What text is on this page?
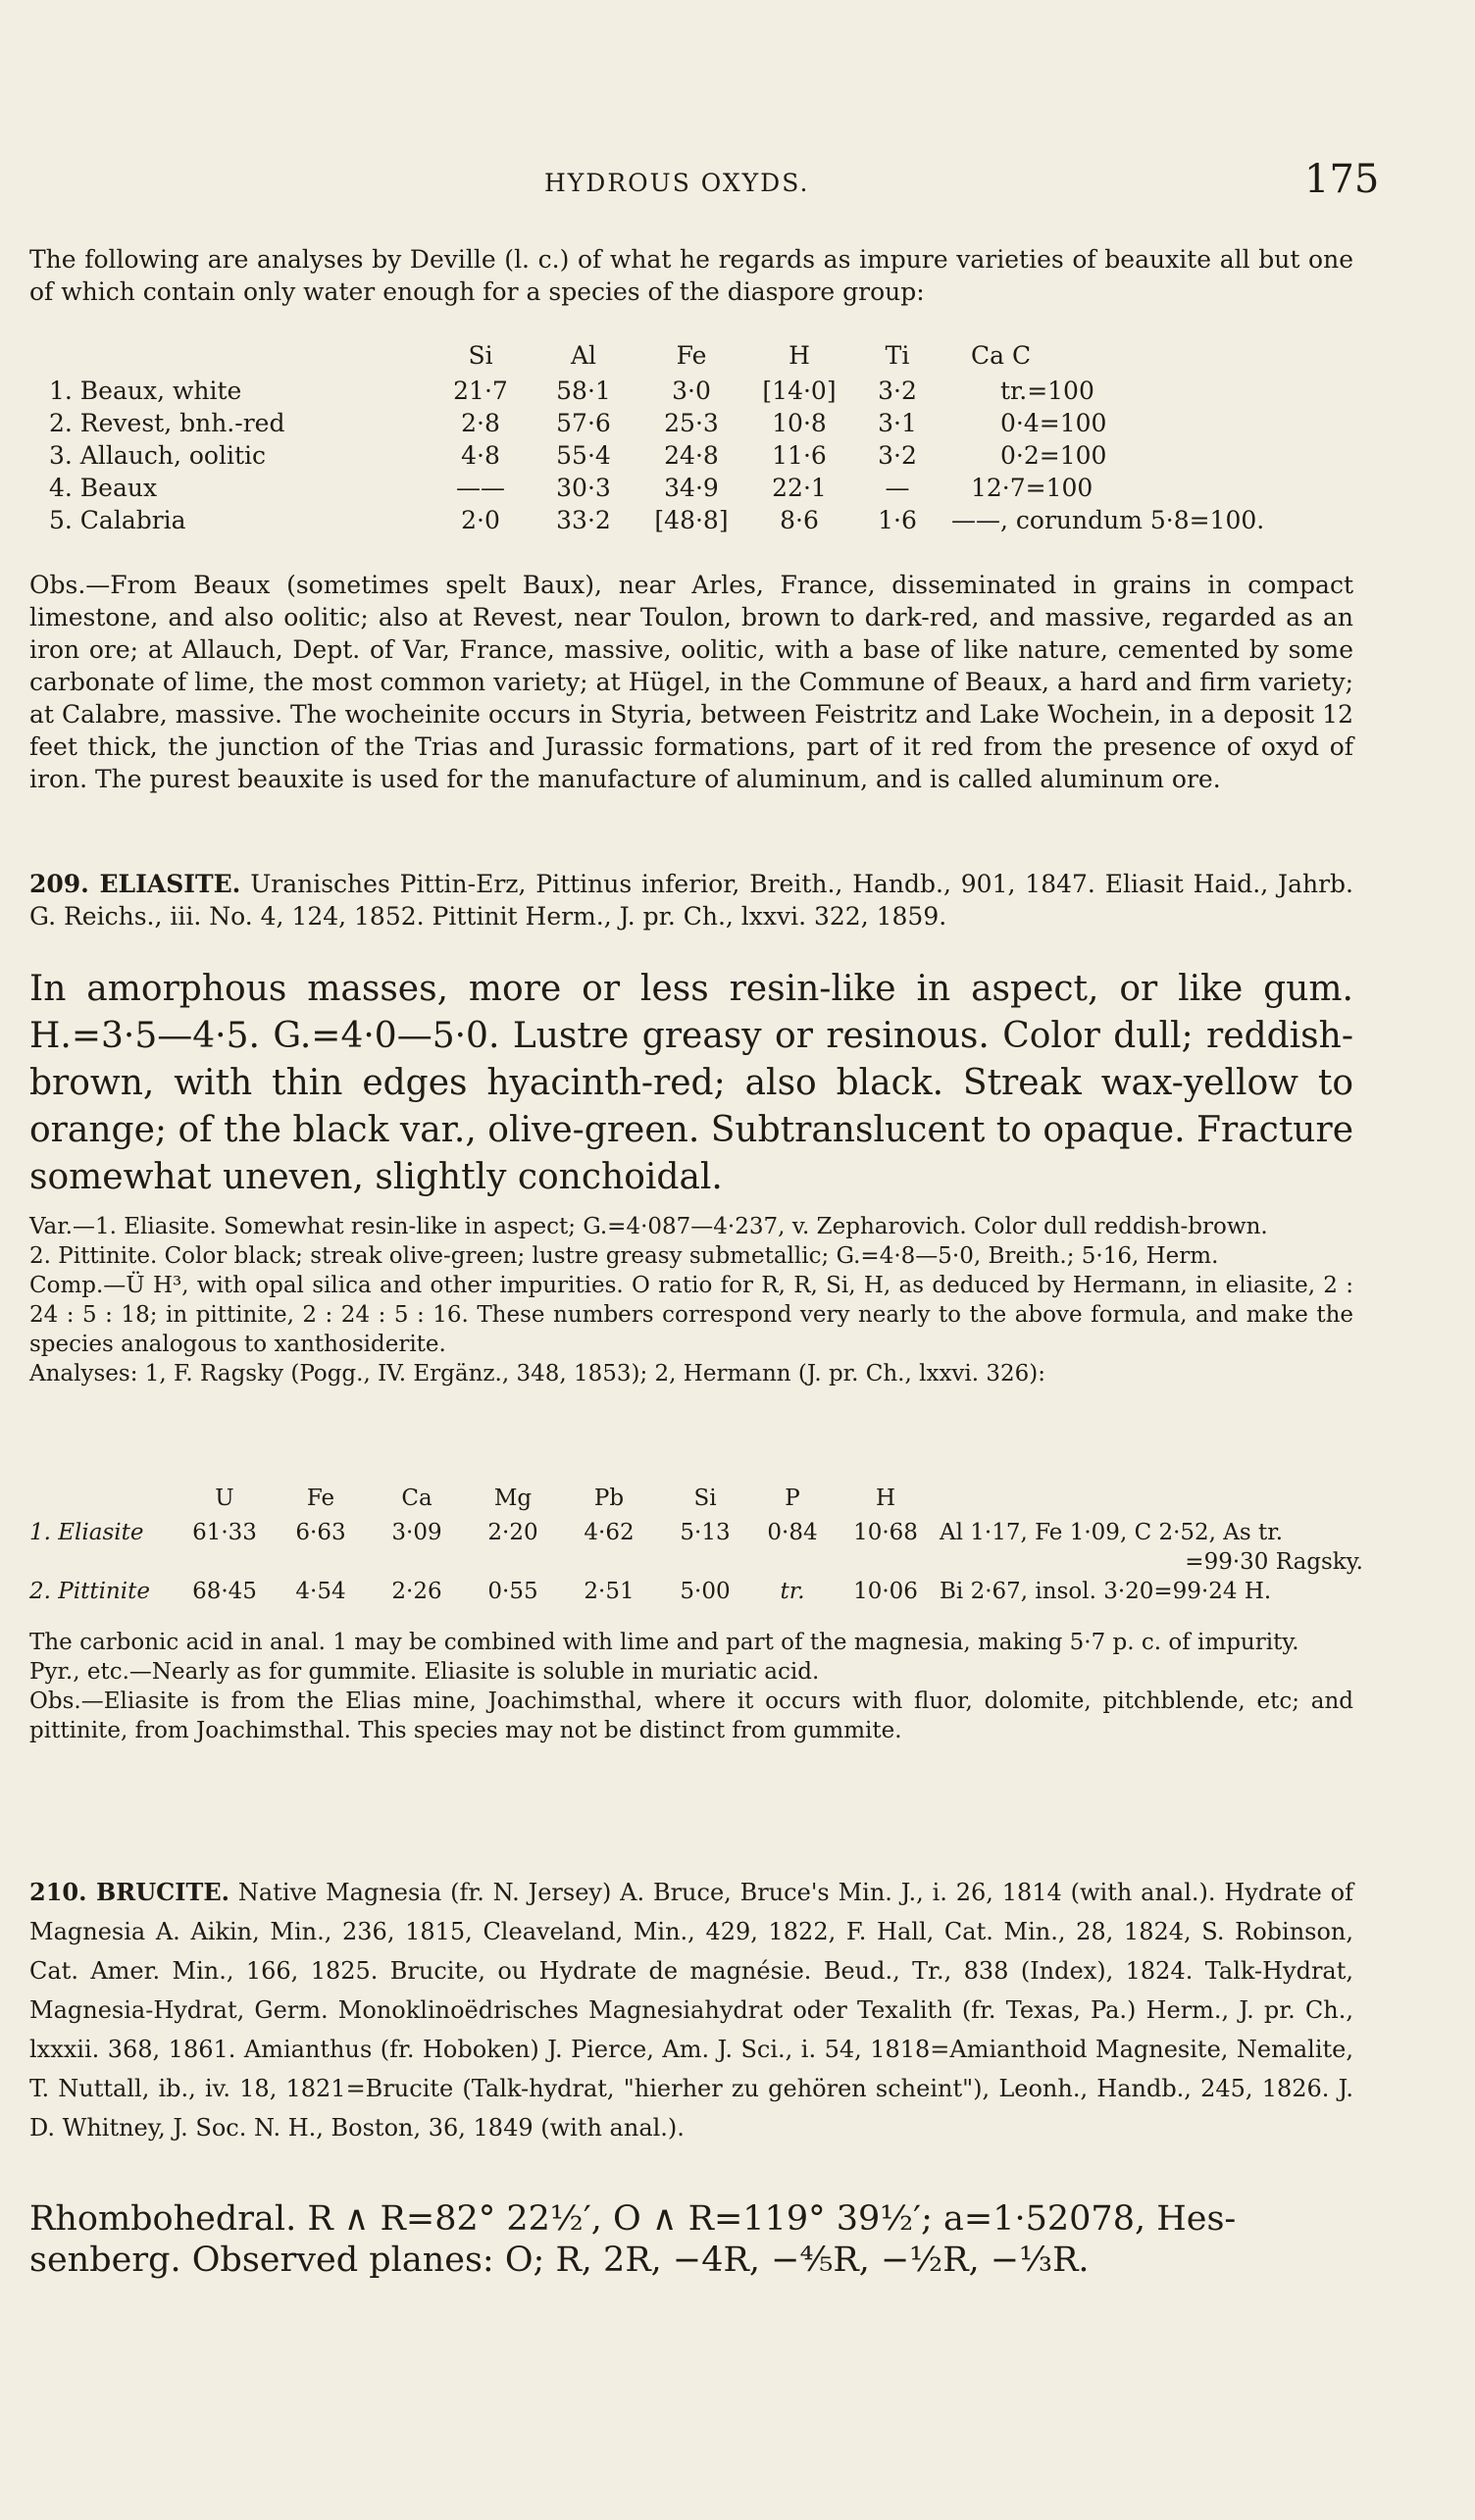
HYDROUS OXYDS.	175

The following are analyses by Deville (l. c.) of what he regards as impure varieties of beauxite all but one of which contain only water enough for a species of the diaspore group:

	Si	Al	Fe	H	Ti	Ca C
1. Beaux, white	21·7	58·1	3·0	[14·0]	3·2	tr.=100
2. Revest, bnh.-red	2·8	57·6	25·3	10·8	3·1	0·4=100
3. Allauch, oolitic	4·8	55·4	24·8	11·6	3·2	0·2=100
4. Beaux	——	30·3	34·9	22·1	—	12·7=100
5. Calabria	2·0	33·2	[48·8]	8·6	1·6	——, corundum 5·8=100.

Obs.—From Beaux (sometimes spelt Baux), near Arles, France, disseminated in grains in compact limestone, and also oolitic; also at Revest, near Toulon, brown to dark-red, and massive, regarded as an iron ore; at Allauch, Dept. of Var, France, massive, oolitic, with a base of like nature, cemented by some carbonate of lime, the most common variety; at Hügel, in the Commune of Beaux, a hard and firm variety; at Calabre, massive. The wocheinite occurs in Styria, between Feistritz and Lake Wochein, in a deposit 12 feet thick, the junction of the Trias and Jurassic formations, part of it red from the presence of oxyd of iron. The purest beauxite is used for the manufacture of aluminum, and is called aluminum ore.

209. ELIASITE. Uranisches Pittin-Erz, Pittinus inferior, Breith., Handb., 901, 1847. Eliasit Haid., Jahrb. G. Reichs., iii. No. 4, 124, 1852. Pittinit Herm., J. pr. Ch., lxxvi. 322, 1859.

In amorphous masses, more or less resin-like in aspect, or like gum. H.=3·5—4·5. G.=4·0—5·0. Lustre greasy or resinous. Color dull; reddish-brown, with thin edges hyacinth-red; also black. Streak wax-yellow to orange; of the black var., olive-green. Subtranslucent to opaque. Fracture somewhat uneven, slightly conchoidal.

Var.—1. Eliasite. Somewhat resin-like in aspect; G.=4·087—4·237, v. Zepharovich. Color dull reddish-brown.

2. Pittinite. Color black; streak olive-green; lustre greasy submetallic; G.=4·8—5·0, Breith.; 5·16, Herm.

Comp.—Ü H³, with opal silica and other impurities. O ratio for R, R, Si, H, as deduced by Hermann, in eliasite, 2 : 24 : 5 : 18; in pittinite, 2 : 24 : 5 : 16. These numbers correspond very nearly to the above formula, and make the species analogous to xanthosiderite.

Analyses: 1, F. Ragsky (Pogg., IV. Ergänz., 348, 1853); 2, Hermann (J. pr. Ch., lxxvi. 326):

	U	Fe	Ca	Mg	Pb	Si	P	H	
1. Eliasite	61·33	6·63	3·09	2·20	4·62	5·13	0·84	10·68	Al 1·17, Fe 1·09, C 2·52, As tr.
									=99·30 Ragsky.
2. Pittinite	68·45	4·54	2·26	0·55	2·51	5·00	tr.	10·06	Bi 2·67, insol. 3·20=99·24 H.

The carbonic acid in anal. 1 may be combined with lime and part of the magnesia, making 5·7 p. c. of impurity.

Pyr., etc.—Nearly as for gummite. Eliasite is soluble in muriatic acid.

Obs.—Eliasite is from the Elias mine, Joachimsthal, where it occurs with fluor, dolomite, pitchblende, etc; and pittinite, from Joachimsthal. This species may not be distinct from gummite.

210. BRUCITE. Native Magnesia (fr. N. Jersey) A. Bruce, Bruce's Min. J., i. 26, 1814 (with anal.). Hydrate of Magnesia A. Aikin, Min., 236, 1815, Cleaveland, Min., 429, 1822, F. Hall, Cat. Min., 28, 1824, S. Robinson, Cat. Amer. Min., 166, 1825. Brucite, ou Hydrate de magnésie. Beud., Tr., 838 (Index), 1824. Talk-Hydrat, Magnesia-Hydrat, Germ. Monoklinoëdrisches Magnesiahydrat oder Texalith (fr. Texas, Pa.) Herm., J. pr. Ch., lxxxii. 368, 1861. Amianthus (fr. Hoboken) J. Pierce, Am. J. Sci., i. 54, 1818=Amianthoid Magnesite, Nemalite, T. Nuttall, ib., iv. 18, 1821=Brucite (Talk-hydrat, "hierher zu gehören scheint"), Leonh., Handb., 245, 1826. J. D. Whitney, J. Soc. N. H., Boston, 36, 1849 (with anal.).

Rhombohedral. R ∧ R=82° 22½′, O ∧ R=119° 39½′; a=1·52078, Hes-
senberg. Observed planes: O; R, 2R, −4R, −⅘R, −½R, −⅓R.
